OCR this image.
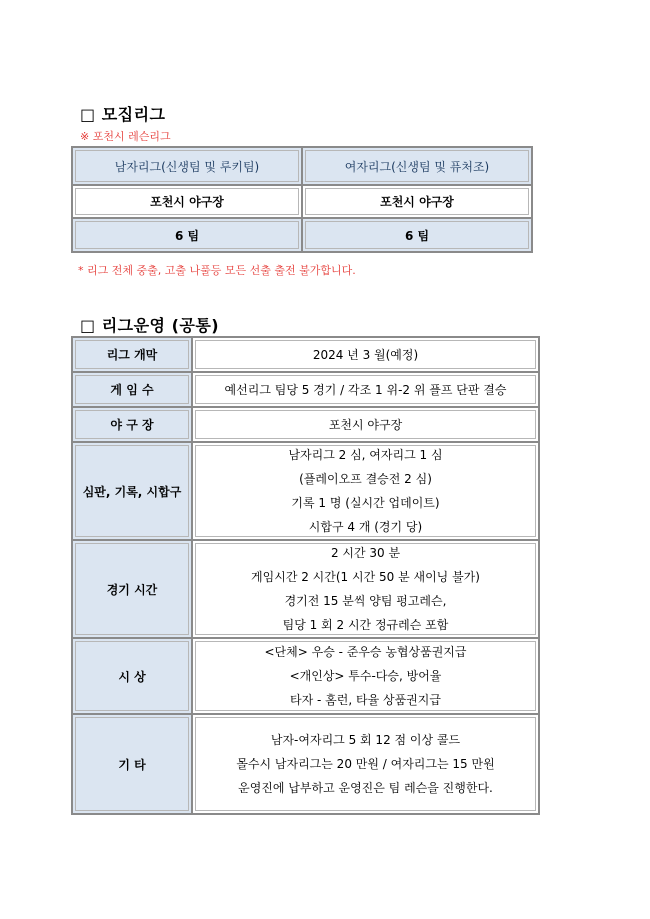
□ 모집리그
※ 포천시 레슨리그
남자리그(신생팀 및 루키팀)	여자리그(신생팀 및 퓨처조)

포천시 야구장	포천시 야구장

6 팀	6 팀
* 리그 전체 중출, 고출 나풀등 모든 선출 출전 불가합니다.
□ 리그운영 (공통)
리그 개막	2024 년 3 월(예정)

게 임 수	예선리그 팀당 5 경기 / 각조 1 위-2 위 플프 단판 결승

야 구 장	포천시 야구장

심판, 기록, 시합구	남자리그 2 심, 여자리그 1 심
(플레이오프 결승전 2 심)
기록 1 명 (실시간 업데이트)
시합구 4 개 (경기 당)

경기 시간	2 시간 30 분
게임시간 2 시간(1 시간 50 분 새이닝 불가)
경기전 15 분씩 양팀 펑고레슨,
팀당 1 회 2 시간 정규레슨 포함

시 상	<단체> 우승 - 준우승 농협상품권지급
<개인상> 투수-다승, 방어율
타자 - 홈런, 타율 상품권지급

기 타	남자-여자리그 5 회 12 점 이상 콜드
몰수시 남자리그는 20 만원 / 여자리그는 15 만원
운영진에 납부하고 운영진은 팀 레슨을 진행한다.
